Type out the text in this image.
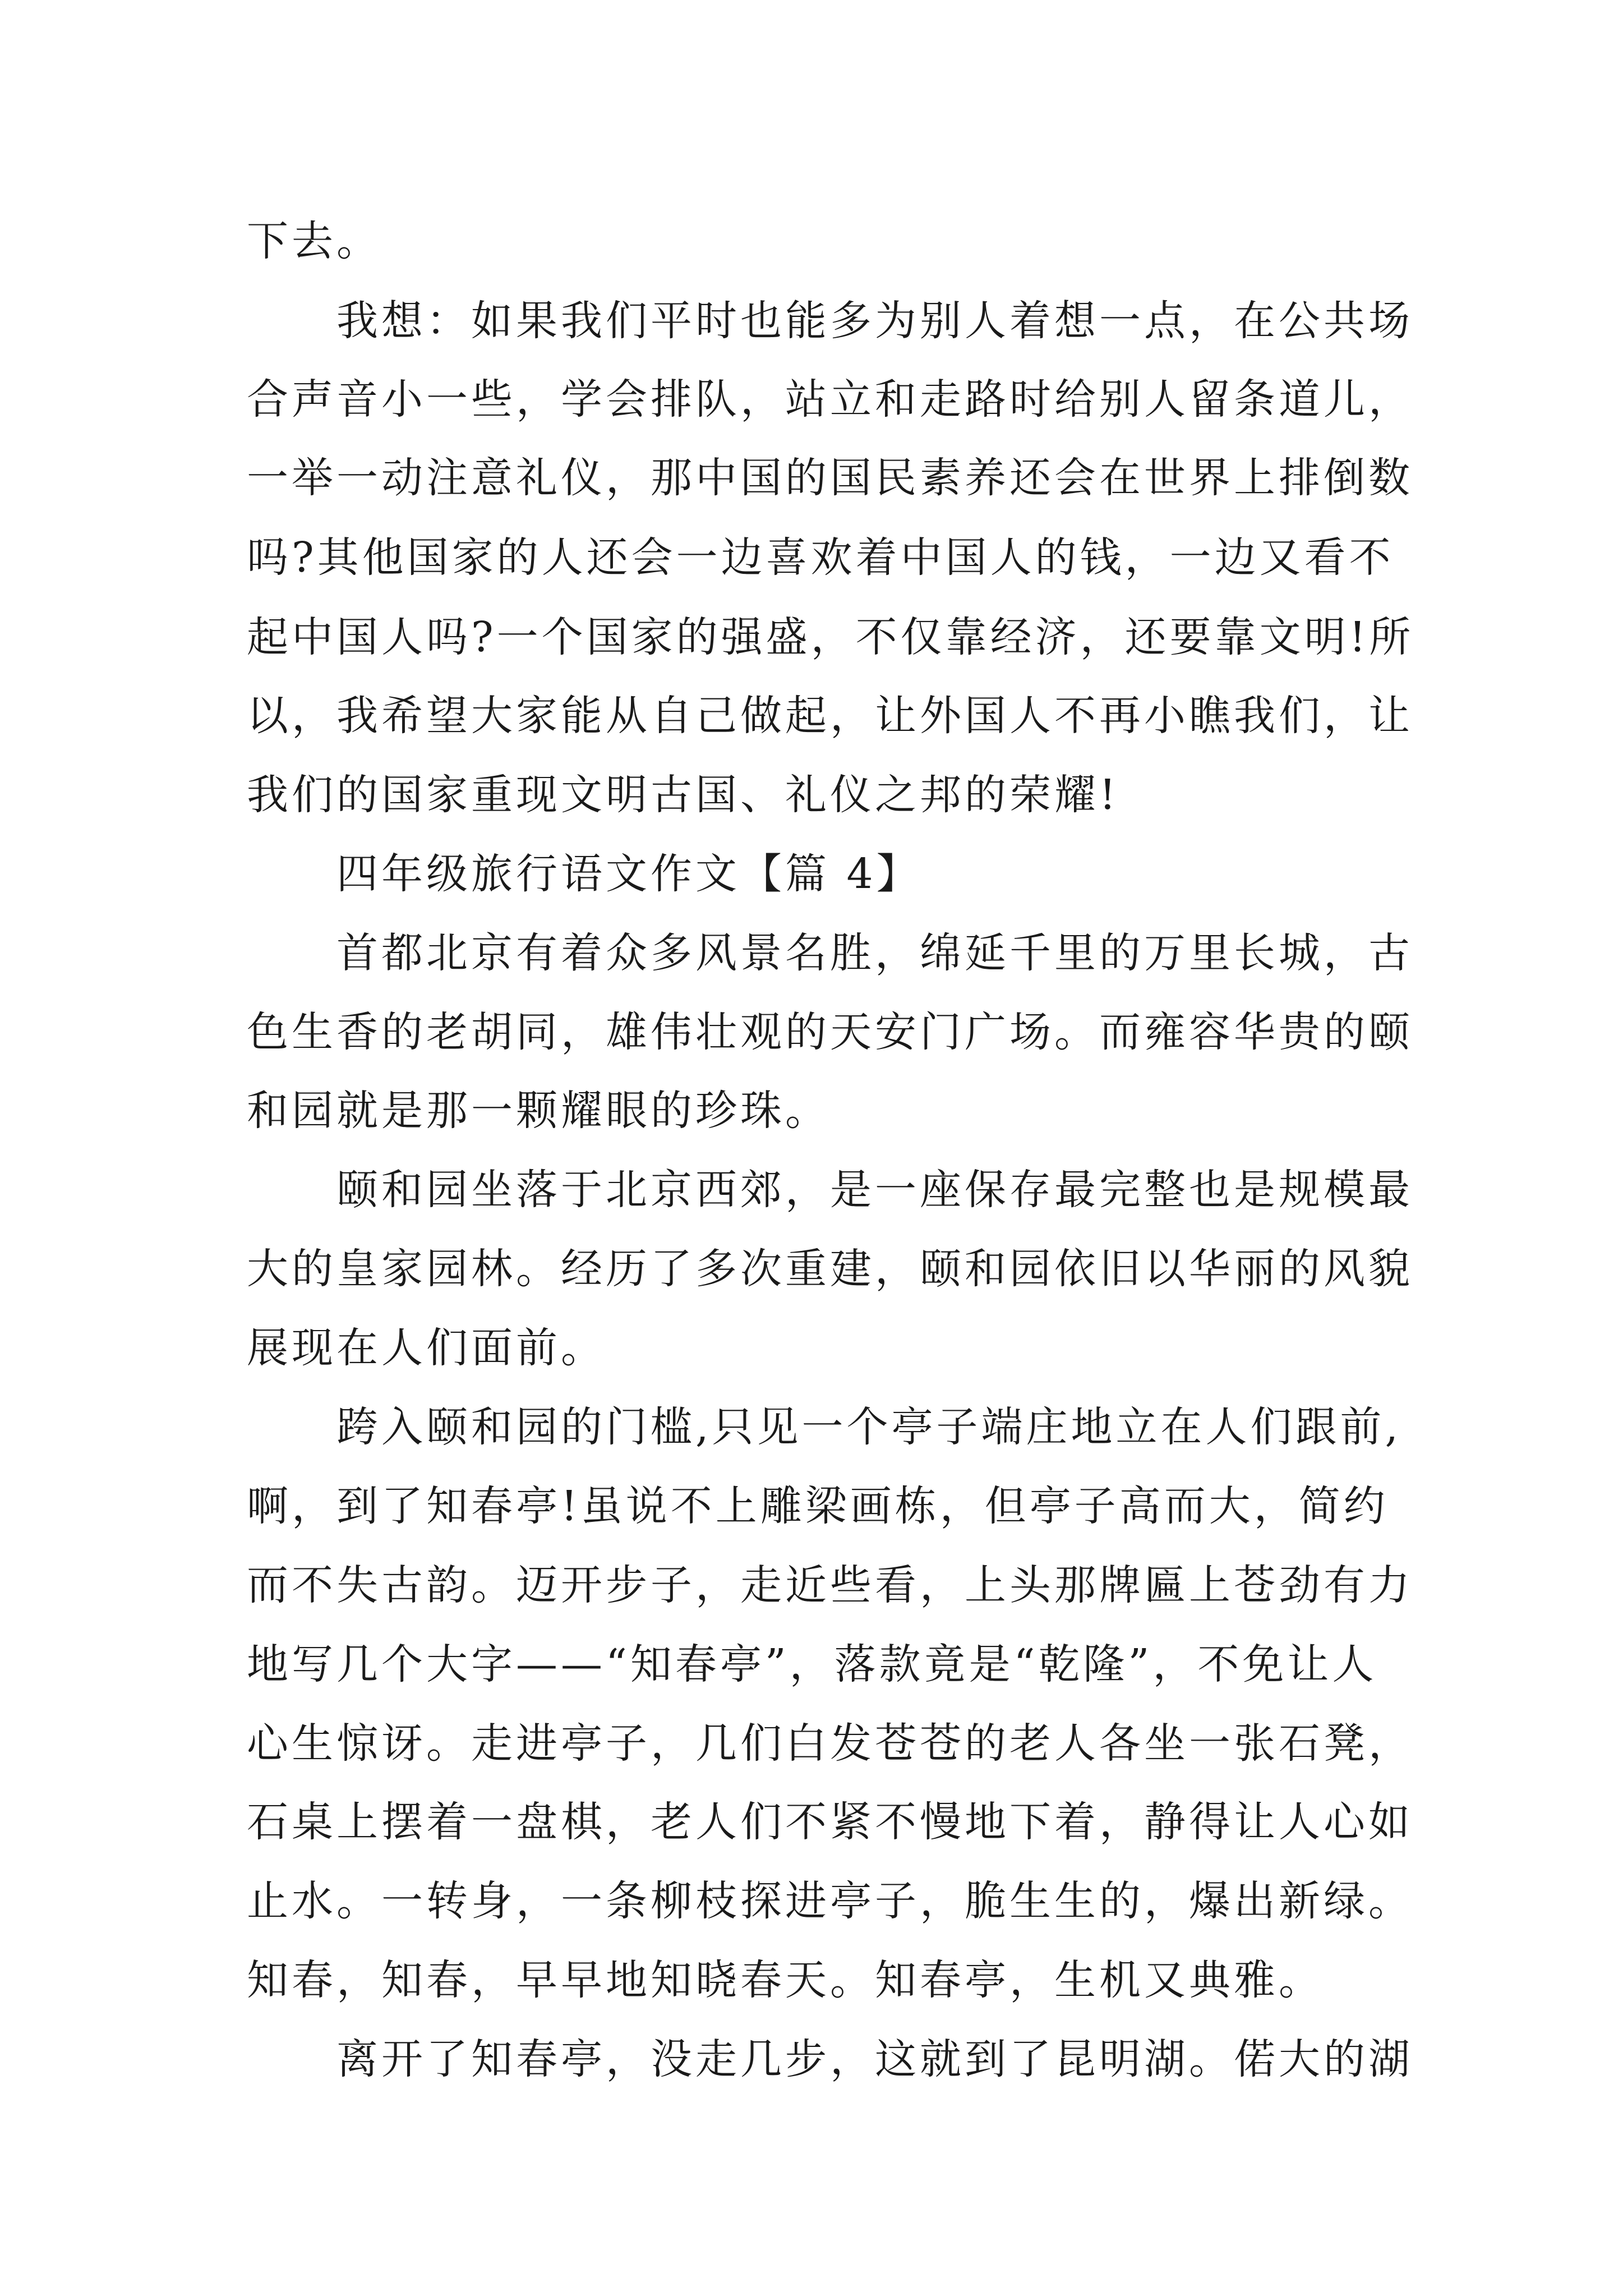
下去。

我想：如果我们平时也能多为别人着想一点，在公共场

合声音小一些，学会排队，站立和走路时给别人留条道儿，

一举一动注意礼仪，那中国的国民素养还会在世界上排倒数

吗?其他国家的人还会一边喜欢着中国人的钱，一边又看不

起中国人吗?一个国家的强盛，不仅靠经济，还要靠文明!所

以，我希望大家能从自己做起，让外国人不再小瞧我们，让

我们的国家重现文明古国、礼仪之邦的荣耀!

四年级旅行语文作文【篇 4】

首都北京有着众多风景名胜，绵延千里的万里长城，古

色生香的老胡同，雄伟壮观的天安门广场。而雍容华贵的颐

和园就是那一颗耀眼的珍珠。

颐和园坐落于北京西郊，是一座保存最完整也是规模最

大的皇家园林。经历了多次重建，颐和园依旧以华丽的风貌

展现在人们面前。

跨入颐和园的门槛,只见一个亭子端庄地立在人们跟前,

啊，到了知春亭!虽说不上雕梁画栋，但亭子高而大，简约

而不失古韵。迈开步子，走近些看，上头那牌匾上苍劲有力

地写几个大字——“知春亭”，落款竟是“乾隆”，不免让人

心生惊讶。走进亭子，几们白发苍苍的老人各坐一张石凳，

石桌上摆着一盘棋，老人们不紧不慢地下着，静得让人心如

止水。一转身，一条柳枝探进亭子，脆生生的，爆出新绿。

知春，知春，早早地知晓春天。知春亭，生机又典雅。

离开了知春亭，没走几步，这就到了昆明湖。偌大的湖
